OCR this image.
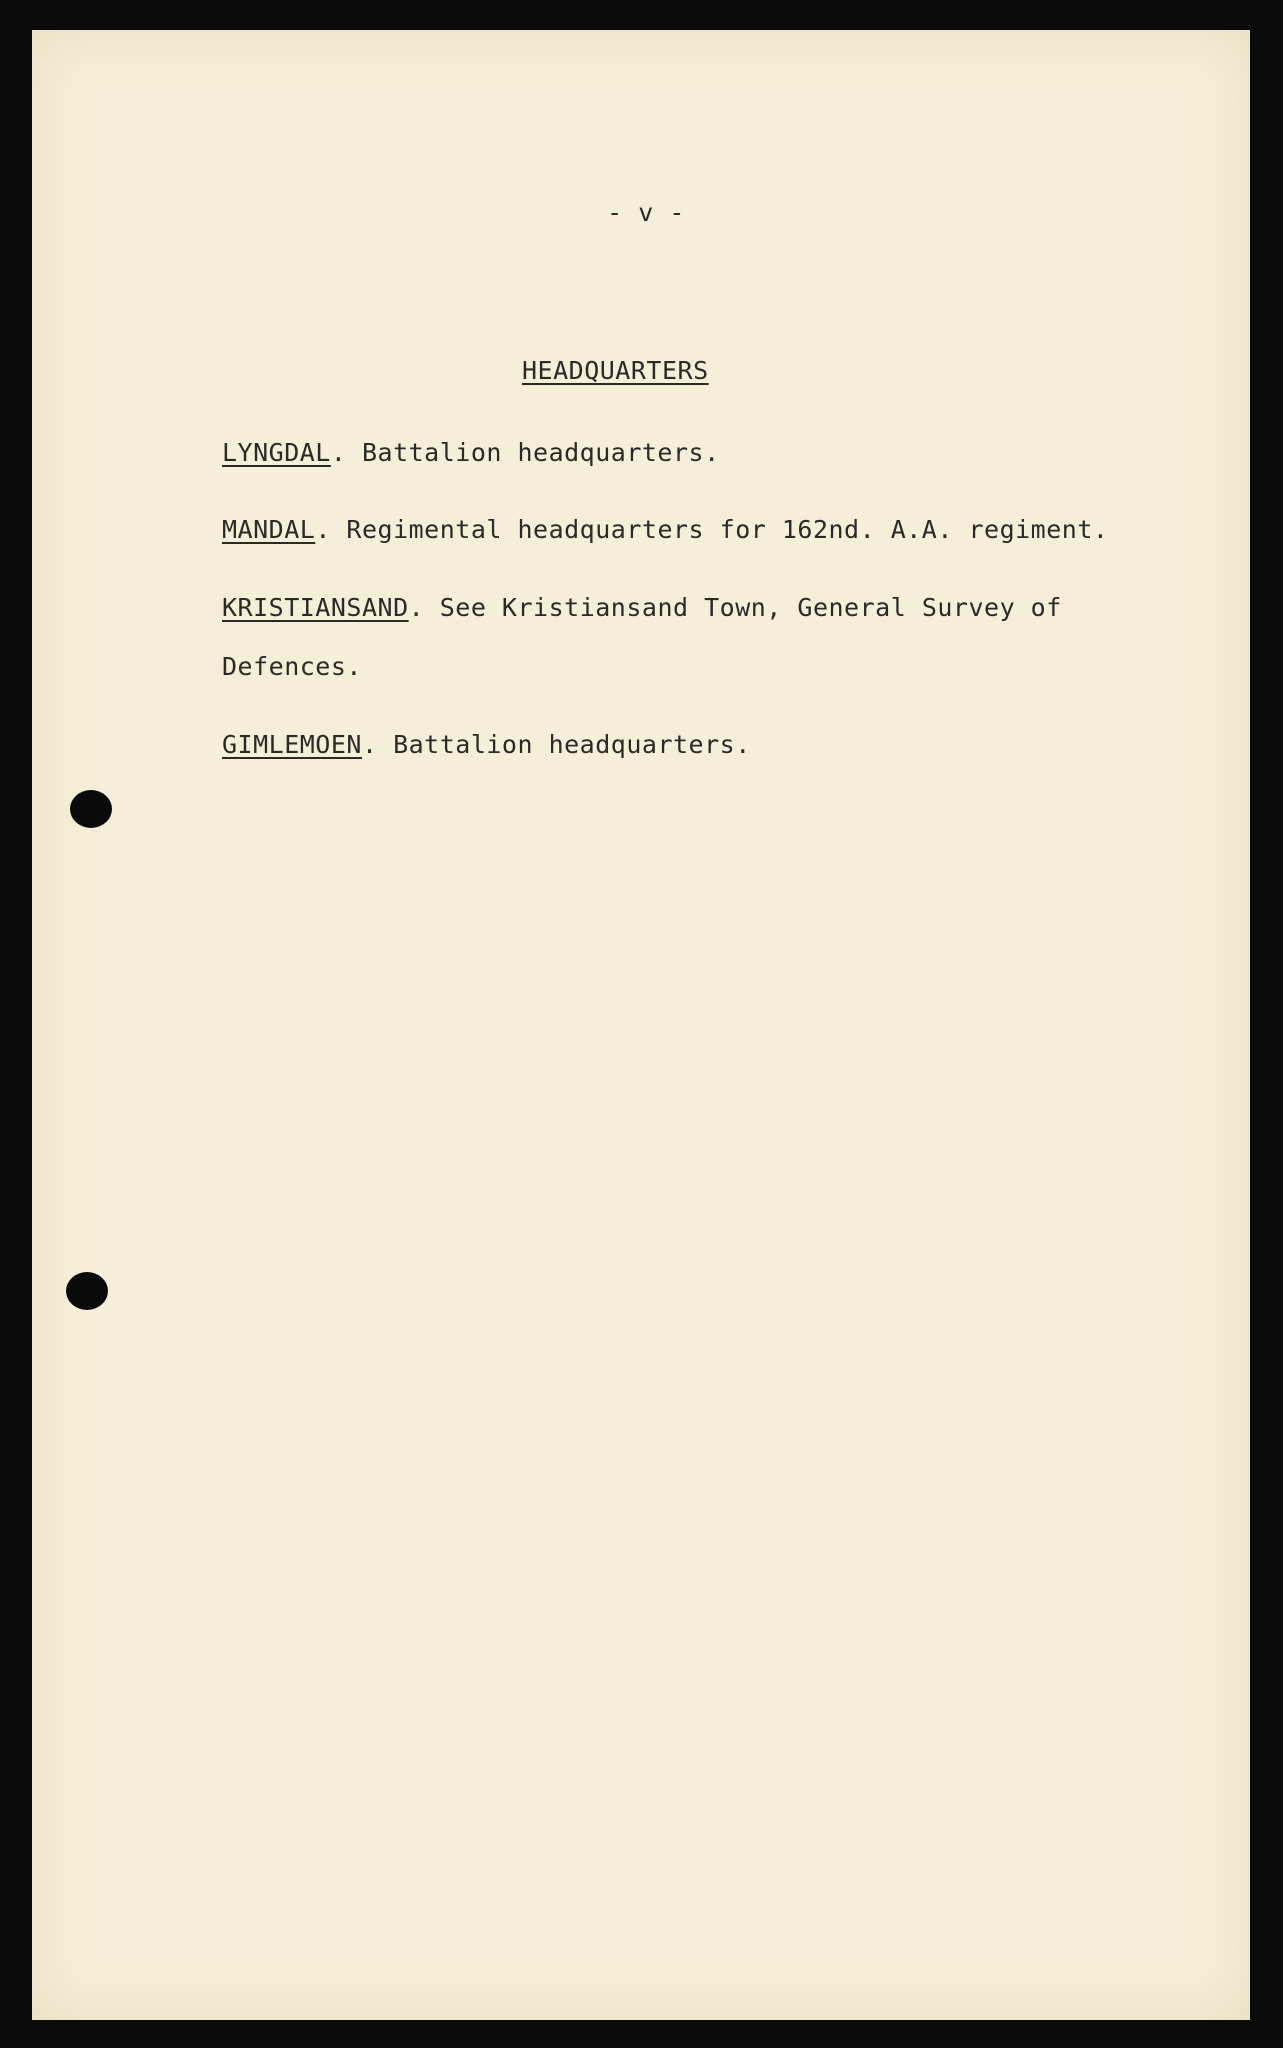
- v -

HEADQUARTERS

LYNGDAL. Battalion headquarters.

MANDAL. Regimental headquarters for 162nd. A.A. regiment.

KRISTIANSAND. See Kristiansand Town, General Survey of

Defences.

GIMLEMOEN. Battalion headquarters.
